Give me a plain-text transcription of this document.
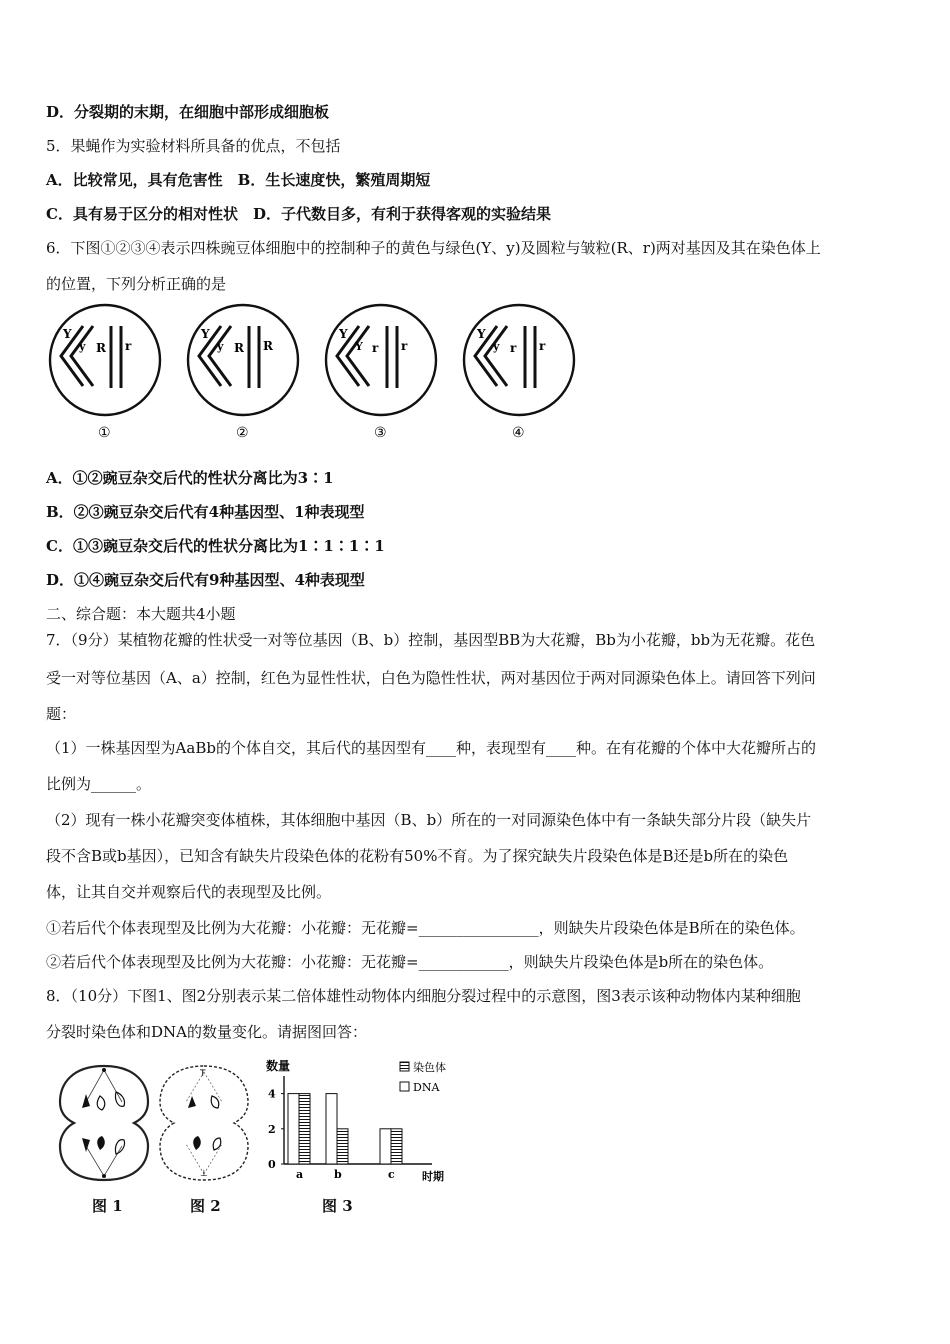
D．分裂期的末期，在细胞中部形成细胞板
5．果蝇作为实验材料所具备的优点，不包括
A．比较常见，具有危害性　B．生长速度快，繁殖周期短
C．具有易于区分的相对性状　D．子代数目多，有利于获得客观的实验结果
6．下图①②③④表示四株豌豆体细胞中的控制种子的黄色与绿色(Y、y)及圆粒与皱粒(R、r)两对基因及其在染色体上
的位置，下列分析正确的是
Y
y R r
①
Y
y R R
②
Y
Y r r
③
Y
y r r
④
A．①②豌豆杂交后代的性状分离比为3∶1
B．②③豌豆杂交后代有4种基因型、1种表现型
C．①③豌豆杂交后代的性状分离比为1∶1∶1∶1
D．①④豌豆杂交后代有9种基因型、4种表现型
二、综合题：本大题共4小题
7．（9分）某植物花瓣的性状受一对等位基因（B、b）控制，基因型BB为大花瓣，Bb为小花瓣，bb为无花瓣。花色
受一对等位基因（A、a）控制，红色为显性性状，白色为隐性性状，两对基因位于两对同源染色体上。请回答下列问
题：
（1）一株基因型为AaBb的个体自交，其后代的基因型有____种，表现型有____种。在有花瓣的个体中大花瓣所占的
比例为______。
（2）现有一株小花瓣突变体植株，其体细胞中基因（B、b）所在的一对同源染色体中有一条缺失部分片段（缺失片
段不含B或b基因），已知含有缺失片段染色体的花粉有50%不育。为了探究缺失片段染色体是B还是b所在的染色
体，让其自交并观察后代的表现型及比例。
①若后代个体表现型及比例为大花瓣：小花瓣：无花瓣=________________，则缺失片段染色体是B所在的染色体。
②若后代个体表现型及比例为大花瓣：小花瓣：无花瓣=____________，则缺失片段染色体是b所在的染色体。
8．（10分）下图1、图2分别表示某二倍体雄性动物体内细胞分裂过程中的示意图，图3表示该种动物体内某种细胞
分裂时染色体和DNA的数量变化。请据图回答：
T
⊥
数量
0
2
4
a	b	c 时期
染色体
DNA
图 1	图 2	图 3
